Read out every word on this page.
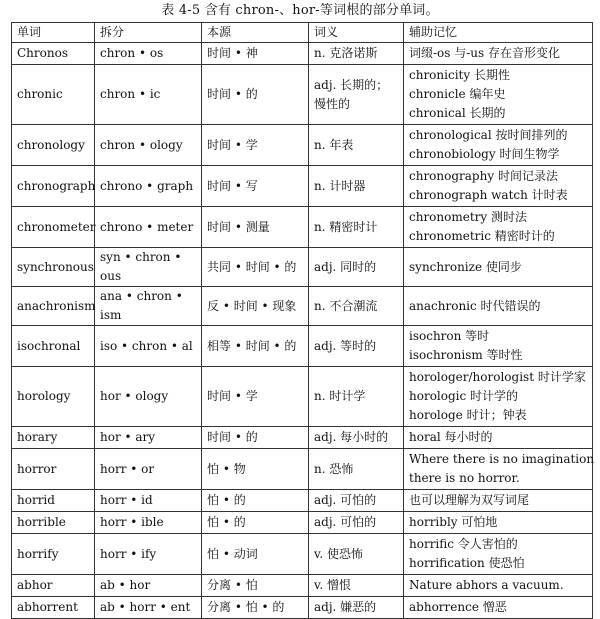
表 4-5 含有 chron-、hor-等词根的部分单词。
单词	拆分	本源	词义	辅助记忆
Chronos	chron • os	时间 • 神	n. 克洛诺斯	词缀-os 与-us 存在音形变化

chronic	chron • ic	时间 • 的	adj. 长期的；慢性的	chronicity 长期性
chronicle 编年史
chronical 长期的

chronology	chron • ology	时间 • 学	n. 年表	chronological 按时间排列的
chronobiology 时间生物学

chronograph	chrono • graph	时间 • 写	n. 计时器	chronography 时间记录法
chronograph watch 计时表

chronometer	chrono • meter	时间 • 测量	n. 精密时计	chronometry 测时法
chronometric 精密时计的

synchronous	syn • chron • ous	共同 • 时间 • 的	adj. 同时的	synchronize 使同步

anachronism	ana • chron • ism	反 • 时间 • 现象	n. 不合潮流	anachronic 时代错误的

isochronal	iso • chron • al	相等 • 时间 • 的	adj. 等时的	isochron 等时
isochronism 等时性

horology	hor • ology	时间 • 学	n. 时计学	horologer/horologist 时计学家
horologic 时计学的
horologe 时计；钟表

horary	hor • ary	时间 • 的	adj. 每小时的	horal 每小时的

horror	horr • or	怕 • 物	n. 恐怖	Where there is no imagination
there is no horror.

horrid	horr • id	怕 • 的	adj. 可怕的	也可以理解为双写词尾

horrible	horr • ible	怕 • 的	adj. 可怕的	horribly 可怕地

horrify	horr • ify	怕 • 动词	v. 使恐怖	horrific 令人害怕的
horrification 使恐怕

abhor	ab • hor	分离 • 怕	v. 憎恨	Nature abhors a vacuum.

abhorrent	ab • horr • ent	分离 • 怕 • 的	adj. 嫌恶的	abhorrence 憎恶
